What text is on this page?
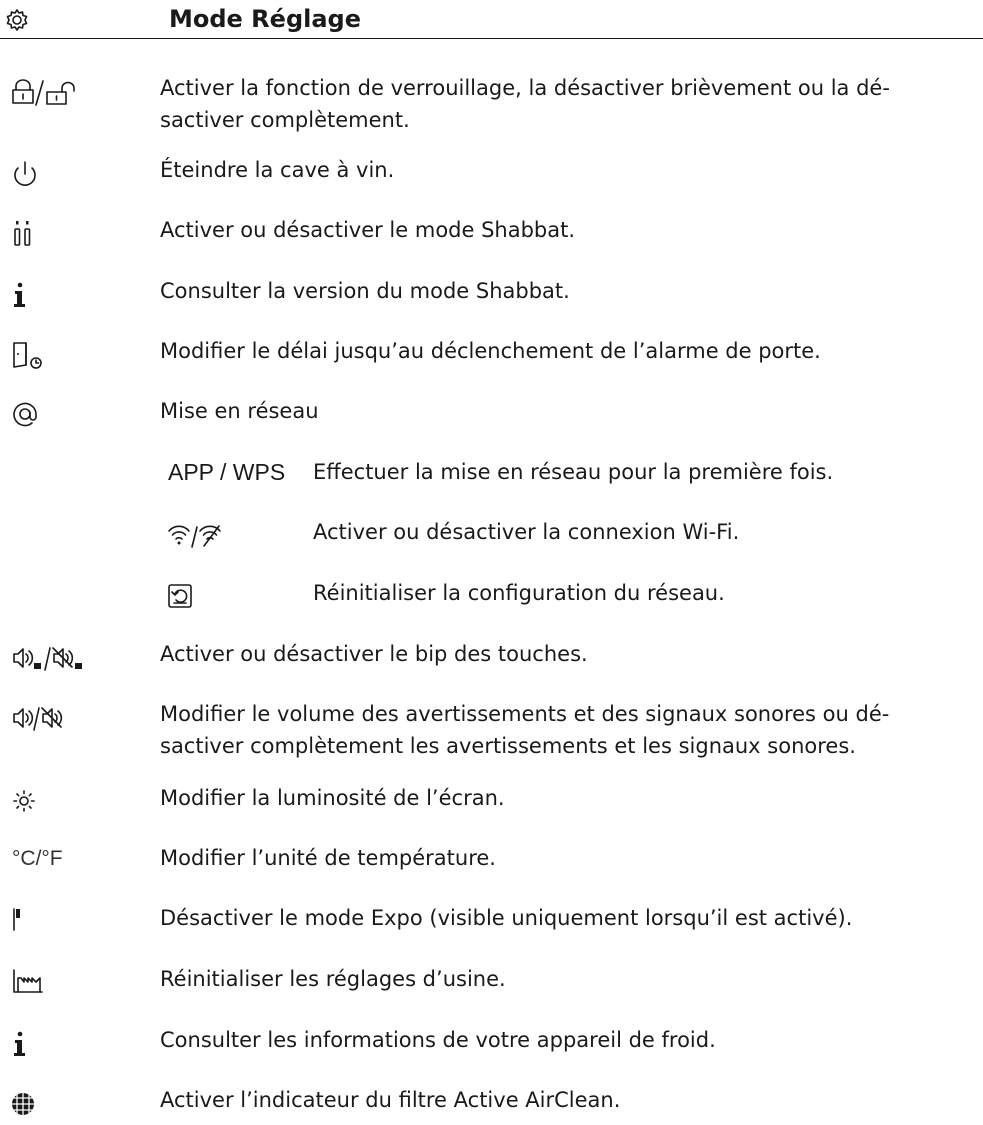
Mode Réglage
Activer la fonction de verrouillage, la désactiver brièvement ou la dé-
sactiver complètement.
Éteindre la cave à vin.
Activer ou désactiver le mode Shabbat.
Consulter la version du mode Shabbat.
Modifier le délai jusqu’au déclenchement de l’alarme de porte.
Mise en réseau
APP / WPS Effectuer la mise en réseau pour la première fois.
Activer ou désactiver la connexion Wi-Fi.
Réinitialiser la configuration du réseau.
Activer ou désactiver le bip des touches.
Modifier le volume des avertissements et des signaux sonores ou dé-
sactiver complètement les avertissements et les signaux sonores.
Modifier la luminosité de l’écran.
°C/°F	Modifier l’unité de température.
Désactiver le mode Expo (visible uniquement lorsqu’il est activé).
Réinitialiser les réglages d’usine.
Consulter les informations de votre appareil de froid.
Activer l’indicateur du filtre Active AirClean.
